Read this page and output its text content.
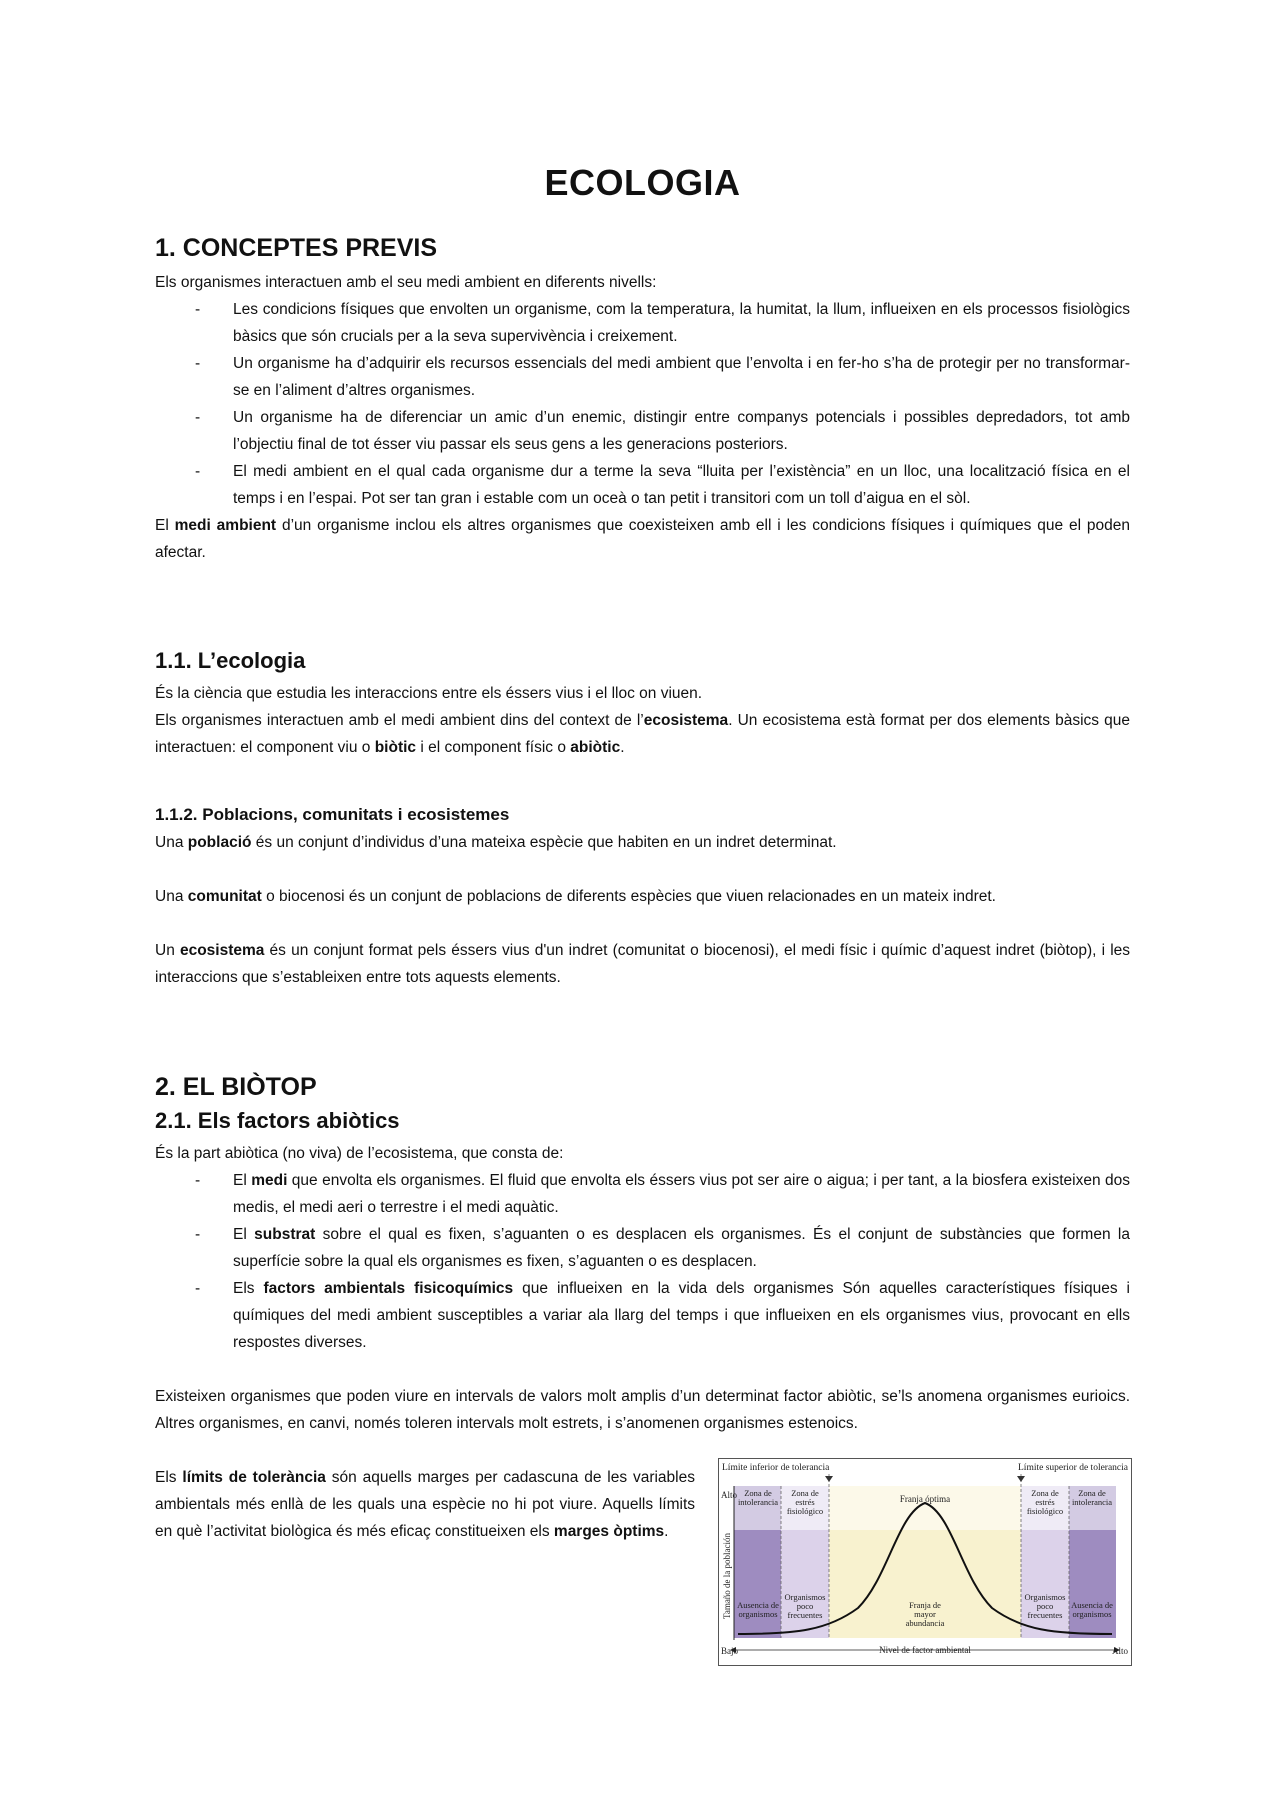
ECOLOGIA
1. CONCEPTES PREVIS

Els organismes interactuen amb el seu medi ambient en diferents nivells:

- Les condicions físiques que envolten un organisme, com la temperatura, la humitat, la llum, influeixen en els processos fisiològics bàsics que són crucials per a la seva supervivència i creixement.
- Un organisme ha d’adquirir els recursos essencials del medi ambient que l’envolta i en fer-ho s’ha de protegir per no transformar-se en l’aliment d’altres organismes.
- Un organisme ha de diferenciar un amic d’un enemic, distingir entre companys potencials i possibles depredadors, tot amb l’objectiu final de tot ésser viu passar els seus gens a les generacions posteriors.
- El medi ambient en el qual cada organisme dur a terme la seva “lluita per l’existència” en un lloc, una localització física en el temps i en l’espai. Pot ser tan gran i estable com un oceà o tan petit i transitori com un toll d’aigua en el sòl.

El medi ambient d’un organisme inclou els altres organismes que coexisteixen amb ell i les condicions físiques i químiques que el poden afectar.

1.1. L’ecologia

És la ciència que estudia les interaccions entre els éssers vius i el lloc on viuen.

Els organismes interactuen amb el medi ambient dins del context de l’ecosistema. Un ecosistema està format per dos elements bàsics que interactuen: el component viu o biòtic i el component físic o abiòtic.

1.1.2. Poblacions, comunitats i ecosistemes

Una població és un conjunt d’individus d’una mateixa espècie que habiten en un indret determinat.

Una comunitat o biocenosi és un conjunt de poblacions de diferents espècies que viuen relacionades en un mateix indret.

Un ecosistema és un conjunt format pels éssers vius d'un indret (comunitat o biocenosi), el medi físic i químic d’aquest indret (biòtop), i les interaccions que s’estableixen entre tots aquests elements.

2. EL BIÒTOP
2.1. Els factors abiòtics

És la part abiòtica (no viva) de l’ecosistema, que consta de:

- El medi que envolta els organismes. El fluid que envolta els éssers vius pot ser aire o aigua; i per tant, a la biosfera existeixen dos medis, el medi aeri o terrestre i el medi aquàtic.
- El substrat sobre el qual es fixen, s’aguanten o es desplacen els organismes. És el conjunt de substàncies que formen la superfície sobre la qual els organismes es fixen, s’aguanten o es desplacen.
- Els factors ambientals fisicoquímics que influeixen en la vida dels organismes Són aquelles característiques físiques i químiques del medi ambient susceptibles a variar ala llarg del temps i que influeixen en els organismes vius, provocant en ells respostes diverses.

Existeixen organismes que poden viure en intervals de valors molt amplis d’un determinat factor abiòtic, se’ls anomena organismes eurioics. Altres organismes, en canvi, només toleren intervals molt estrets, i s’anomenen organismes estenoics.

Els límits de tolerància són aquells marges per cadascuna de les variables ambientals més enllà de les quals una espècie no hi pot viure. Aquells límits en què l’activitat biològica és més eficaç constitueixen els marges òptims.

Límite inferior de tolerancia	Límite superior de tolerancia
Zona de intolerancia
Zona de estrés fisiológico
Franja óptima
Zona de estrés fisiológico
Zona de intolerancia
Ausencia de organismos
Organismos poco frecuentes
Franja de mayor abundancia
Organismos poco frecuentes
Ausencia de organismos
Alto
Bajo
Tamaño de la población
Nivel de factor ambiental	Alto
